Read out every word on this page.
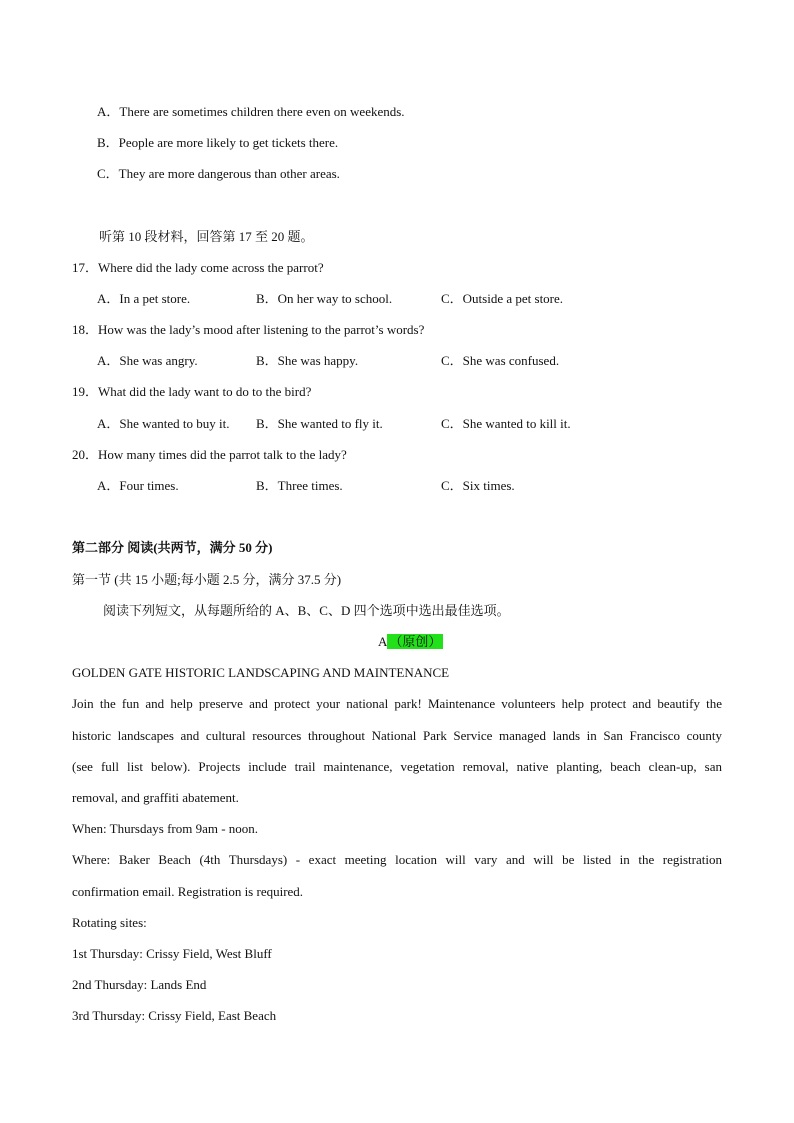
A．There are sometimes children there even on weekends.
B．People are more likely to get tickets there.
C．They are more dangerous than other areas.
听第 10 段材料，回答第 17 至 20 题。
17．Where did the lady come across the parrot?
A．In a pet store.	B．On her way to school.	C．Outside a pet store.
18．How was the lady’s mood after listening to the parrot’s words?
A．She was angry.	B．She was happy.	C．She was confused.
19．What did the lady want to do to the bird?
A．She wanted to buy it. B．She wanted to fly it.	C．She wanted to kill it.
20．How many times did the parrot talk to the lady?
A．Four times.	B．Three times.	C．Six times.
第二部分 阅读(共两节，满分 50 分)
第一节 (共 15 小题;每小题 2.5 分，满分 37.5 分)
阅读下列短文，从每题所给的 A、B、C、D 四个选项中选出最佳选项。
A （原创）
GOLDEN GATE HISTORIC LANDSCAPING AND MAINTENANCE
Join the fun and help preserve and protect your national park! Maintenance volunteers help protect and beautify the
historic landscapes and cultural resources throughout National Park Service managed lands in San Francisco county
(see full list below). Projects include trail maintenance, vegetation removal, native planting, beach clean-up, san
removal, and graffiti abatement.
When: Thursdays from 9am - noon.
Where: Baker Beach (4th Thursdays) - exact meeting location will vary and will be listed in the registration
confirmation email. Registration is required.
Rotating sites:
1st Thursday: Crissy Field, West Bluff
2nd Thursday: Lands End
3rd Thursday: Crissy Field, East Beach
